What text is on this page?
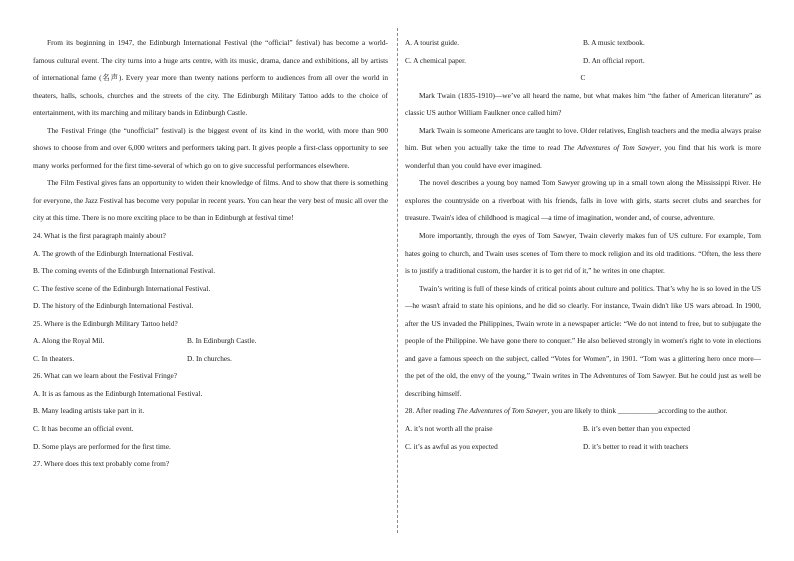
From its beginning in 1947, the Edinburgh International Festival (the “official” festival) has become a world-famous cultural event. The city turns into a huge arts centre, with its music, drama, dance and exhibitions, all by artists of international fame (名声). Every year more than twenty nations perform to audiences from all over the world in theaters, halls, schools, churches and the streets of the city. The Edinburgh Military Tattoo adds to the choice of entertainment, with its marching and military bands in Edinburgh Castle.

The Festival Fringe (the “unofficial” festival) is the biggest event of its kind in the world, with more than 900 shows to choose from and over 6,000 writers and performers taking part. It gives people a first-class opportunity to see many works performed for the first time-several of which go on to give successful performances elsewhere.

The Film Festival gives fans an opportunity to widen their knowledge of films. And to show that there is something for everyone, the Jazz Festival has become very popular in recent years. You can hear the very best of music all over the city at this time. There is no more exciting place to be than in Edinburgh at festival time!

24. What is the first paragraph mainly about?
A. The growth of the Edinburgh International Festival.
B. The coming events of the Edinburgh International Festival.
C. The festive scene of the Edinburgh International Festival.
D. The history of the Edinburgh International Festival.
25. Where is the Edinburgh Military Tattoo held?
A. Along the Royal Mil.	B. In Edinburgh Castle.
C. In theaters.	D. In churches.
26. What can we learn about the Festival Fringe?
A. It is as famous as the Edinburgh International Festival.
B. Many leading artists take part in it.
C. It has become an official event.
D. Some plays are performed for the first time.
27. Where does this text probably come from?
A. A tourist guide.	B. A music textbook.
C. A chemical paper.	D. An official report.
C

Mark Twain (1835-1910)—we’ve all heard the name, but what makes him “the father of American literature” as classic US author William Faulkner once called him?

Mark Twain is someone Americans are taught to love. Older relatives, English teachers and the media always praise him. But when you actually take the time to read The Adventures of Tom Sawyer, you find that his work is more wonderful than you could have ever imagined.

The novel describes a young boy named Tom Sawyer growing up in a small town along the Mississippi River. He explores the countryside on a riverboat with his friends, falls in love with girls, starts secret clubs and searches for treasure. Twain's idea of childhood is magical —a time of imagination, wonder and, of course, adventure.

More importantly, through the eyes of Tom Sawyer, Twain cleverly makes fun of US culture. For example, Tom hates going to church, and Twain uses scenes of Tom there to mock religion and its old traditions. “Often, the less there is to justify a traditional custom, the harder it is to get rid of it,” he writes in one chapter.

Twain’s writing is full of these kinds of critical points about culture and politics. That’s why he is so loved in the US—he wasn't afraid to state his opinions, and he did so clearly. For instance, Twain didn't like US wars abroad. In 1900, after the US invaded the Philippines, Twain wrote in a newspaper article: “We do not intend to free, but to subjugate the people of the Philippine. We have gone there to conquer.” He also believed strongly in women's right to vote in elections and gave a famous speech on the subject, called “Votes for Women”, in 1901. “Tom was a glittering hero once more—the pet of the old, the envy of the young,” Twain writes in The Adventures of Tom Sawyer. But he could just as well be describing himself.

28. After reading The Adventures of Tom Sawyer, you are likely to think ___________according to the author.

A. it’s not worth all the praise	B. it’s even better than you expected
C. it’s as awful as you expected	D. it’s better to read it with teachers
